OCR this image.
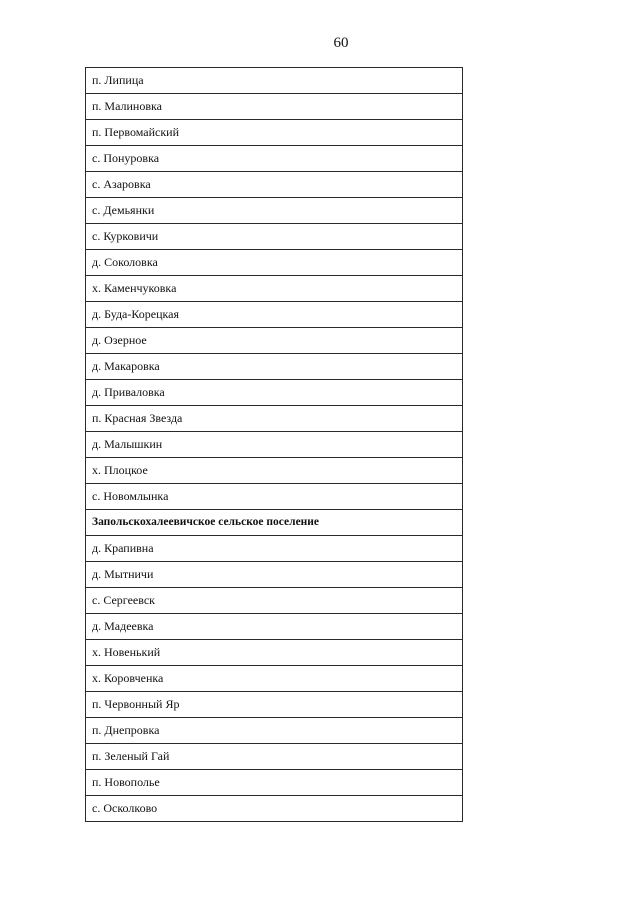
60
п. Липица
п. Малиновка
п. Первомайский
с. Понуровка
с. Азаровка
с. Демьянки
с. Курковичи
д. Соколовка
х. Каменчуковка
д. Буда-Корецкая
д. Озерное
д. Макаровка
д. Приваловка
п. Красная Звезда
д. Малышкин
х. Плоцкое
с. Новомлынка
Запольскохалеевичское сельское поселение
д. Крапивна
д. Мытничи
с. Сергеевск
д. Мадеевка
х. Новенький
х. Коровченка
п. Червонный Яр
п. Днепровка
п. Зеленый Гай
п. Новополье
с. Осколково
